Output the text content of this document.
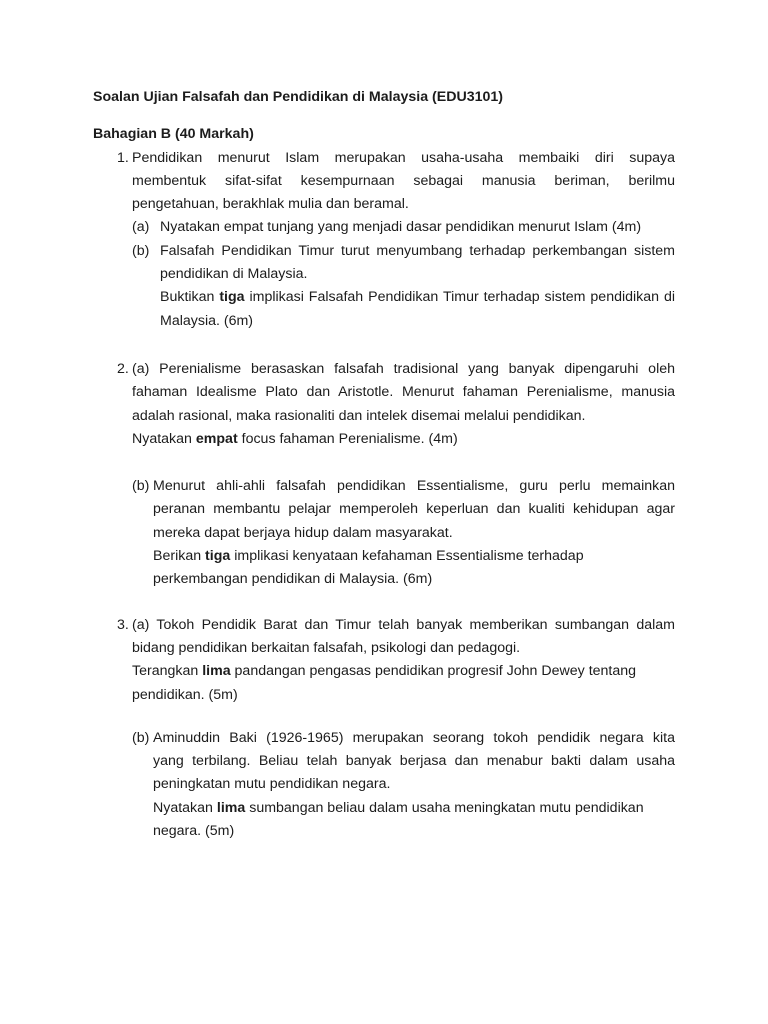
Soalan Ujian Falsafah dan Pendidikan di Malaysia (EDU3101)
Bahagian B (40 Markah)
1. Pendidikan menurut Islam merupakan usaha-usaha membaiki diri supaya
membentuk sifat-sifat kesempurnaan sebagai manusia beriman, berilmu
pengetahuan, berakhlak mulia dan beramal.
(a) Nyatakan empat tunjang yang menjadi dasar pendidikan menurut Islam (4m)
(b) Falsafah Pendidikan Timur turut menyumbang terhadap perkembangan sistem
pendidikan di Malaysia.
Buktikan tiga implikasi Falsafah Pendidikan Timur terhadap sistem pendidikan di
Malaysia. (6m)
2. (a) Perenialisme berasaskan falsafah tradisional yang banyak dipengaruhi oleh
fahaman Idealisme Plato dan Aristotle. Menurut fahaman Perenialisme, manusia
adalah rasional, maka rasionaliti dan intelek disemai melalui pendidikan.
Nyatakan empat focus fahaman Perenialisme. (4m)
(b) Menurut ahli-ahli falsafah pendidikan Essentialisme, guru perlu memainkan
peranan membantu pelajar memperoleh keperluan dan kualiti kehidupan agar
mereka dapat berjaya hidup dalam masyarakat.
Berikan tiga implikasi kenyataan kefahaman Essentialisme terhadap
perkembangan pendidikan di Malaysia. (6m)
3. (a) Tokoh Pendidik Barat dan Timur telah banyak memberikan sumbangan dalam
bidang pendidikan berkaitan falsafah, psikologi dan pedagogi.
Terangkan lima pandangan pengasas pendidikan progresif John Dewey tentang
pendidikan. (5m)
(b) Aminuddin Baki (1926-1965) merupakan seorang tokoh pendidik negara kita
yang terbilang. Beliau telah banyak berjasa dan menabur bakti dalam usaha
peningkatan mutu pendidikan negara.
Nyatakan lima sumbangan beliau dalam usaha meningkatan mutu pendidikan
negara. (5m)
